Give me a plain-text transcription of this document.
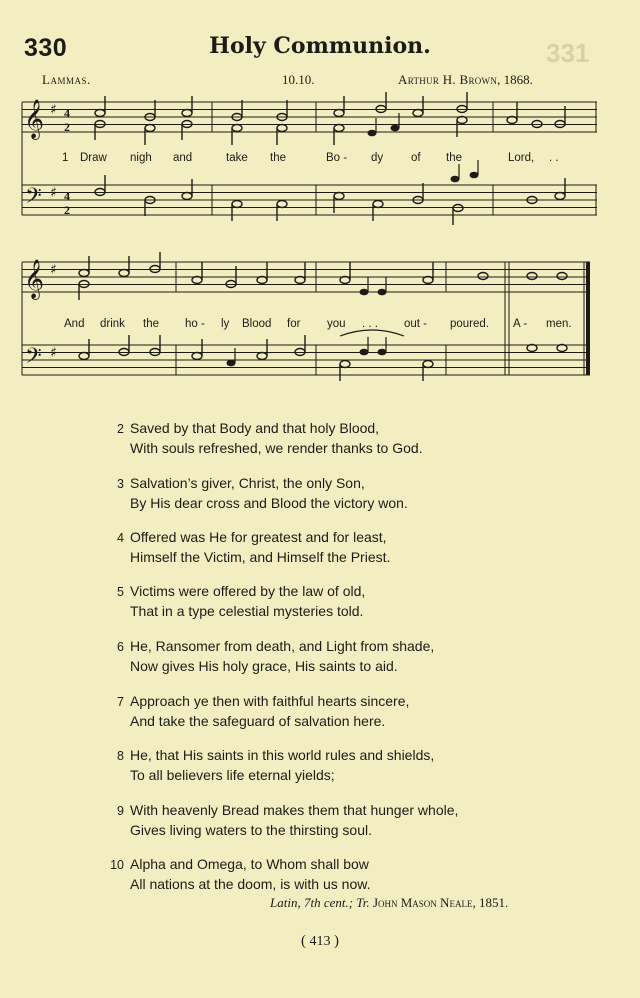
330	Holy Communion.	331
Lammas.	10.10.	Arthur H. Brown, 1868.
𝄞 ♯ 4
2
𝄢 ♯ 4
2
1 Draw nigh and	take the	Bo - dy of the	Lord, . .
𝄞 ♯
𝄢 ♯
And drink the ho - ly Blood for you . . . out - poured. A - men.
2 Saved by that Body and that holy Blood,
With souls refreshed, we render thanks to God.
3 Salvation’s giver, Christ, the only Son,
By His dear cross and Blood the victory won.
4 Offered was He for greatest and for least,
Himself the Victim, and Himself the Priest.
5 Victims were offered by the law of old,
That in a type celestial mysteries told.
6 He, Ransomer from death, and Light from shade,
Now gives His holy grace, His saints to aid.
7 Approach ye then with faithful hearts sincere,
And take the safeguard of salvation here.
8 He, that His saints in this world rules and shields,
To all believers life eternal yields;
9 With heavenly Bread makes them that hunger whole,
Gives living waters to the thirsting soul.
10 Alpha and Omega, to Whom shall bow
All nations at the doom, is with us now.
Latin, 7th cent.; Tr. John Mason Neale, 1851.
( 413 )
